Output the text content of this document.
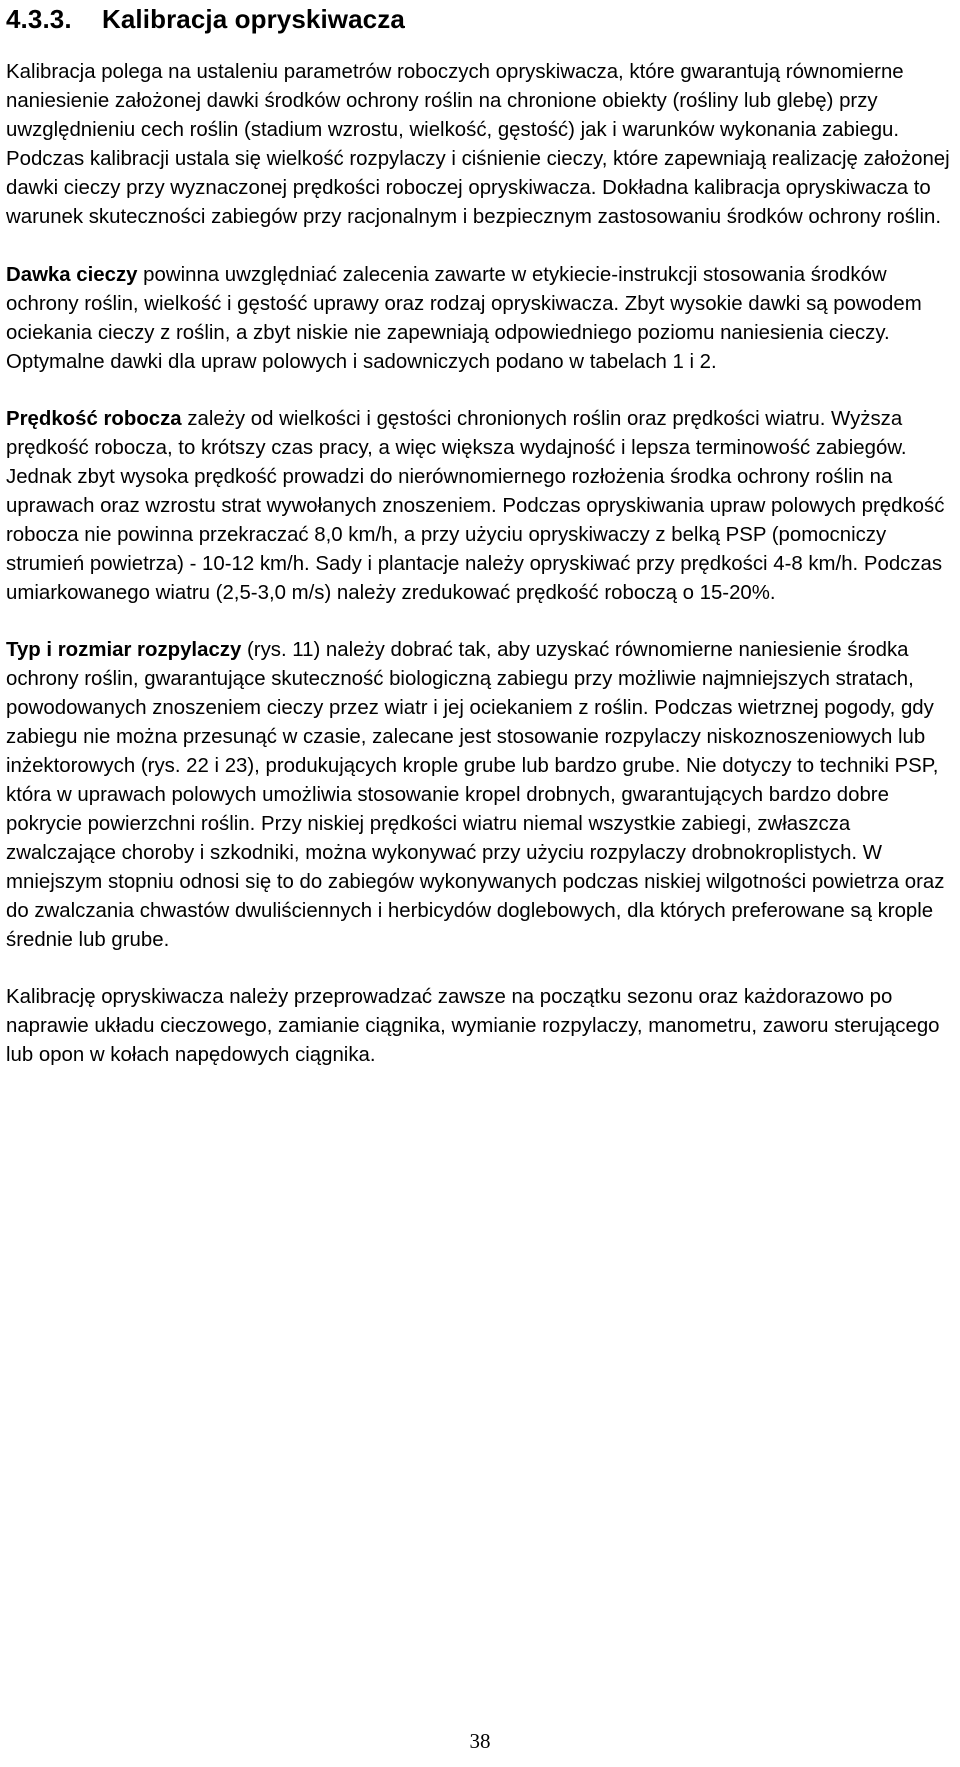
4.3.3. Kalibracja opryskiwacza

Kalibracja polega na ustaleniu parametrów roboczych opryskiwacza, które gwarantują równomierne naniesienie założonej dawki środków ochrony roślin na chronione obiekty (rośliny lub glebę) przy uwzględnieniu cech roślin (stadium wzrostu, wielkość, gęstość) jak i warunków wykonania zabiegu. Podczas kalibracji ustala się wielkość rozpylaczy i ciśnienie cieczy, które zapewniają realizację założonej dawki cieczy przy wyznaczonej prędkości roboczej opryskiwacza. Dokładna kalibracja opryskiwacza to warunek skuteczności zabiegów przy racjonalnym i bezpiecznym zastosowaniu środków ochrony roślin.

Dawka cieczy powinna uwzględniać zalecenia zawarte w etykiecie-instrukcji stosowania środków ochrony roślin, wielkość i gęstość uprawy oraz rodzaj opryskiwacza. Zbyt wysokie dawki są powodem ociekania cieczy z roślin, a zbyt niskie nie zapewniają odpowiedniego poziomu naniesienia cieczy. Optymalne dawki dla upraw polowych i sadowniczych podano w tabelach 1 i 2.

Prędkość robocza zależy od wielkości i gęstości chronionych roślin oraz prędkości wiatru. Wyższa prędkość robocza, to krótszy czas pracy, a więc większa wydajność i lepsza terminowość zabiegów. Jednak zbyt wysoka prędkość prowadzi do nierównomiernego rozłożenia środka ochrony roślin na uprawach oraz wzrostu strat wywołanych znoszeniem. Podczas opryskiwania upraw polowych prędkość robocza nie powinna przekraczać 8,0 km/h, a przy użyciu opryskiwaczy z belką PSP (pomocniczy strumień powietrza) - 10-12 km/h. Sady i plantacje należy opryskiwać przy prędkości 4-8 km/h. Podczas umiarkowanego wiatru (2,5-3,0 m/s) należy zredukować prędkość roboczą o 15-20%.

Typ i rozmiar rozpylaczy (rys. 11) należy dobrać tak, aby uzyskać równomierne naniesienie środka ochrony roślin, gwarantujące skuteczność biologiczną zabiegu przy możliwie najmniejszych stratach, powodowanych znoszeniem cieczy przez wiatr i jej ociekaniem z roślin. Podczas wietrznej pogody, gdy zabiegu nie można przesunąć w czasie, zalecane jest stosowanie rozpylaczy niskoznoszeniowych lub inżektorowych (rys. 22 i 23), produkujących krople grube lub bardzo grube. Nie dotyczy to techniki PSP, która w uprawach polowych umożliwia stosowanie kropel drobnych, gwarantujących bardzo dobre pokrycie powierzchni roślin. Przy niskiej prędkości wiatru niemal wszystkie zabiegi, zwłaszcza zwalczające choroby i szkodniki, można wykonywać przy użyciu rozpylaczy drobnokroplistych. W mniejszym stopniu odnosi się to do zabiegów wykonywanych podczas niskiej wilgotności powietrza oraz do zwalczania chwastów dwuliściennych i herbicydów doglebowych, dla których preferowane są krople średnie lub grube.

Kalibrację opryskiwacza należy przeprowadzać zawsze na początku sezonu oraz każdorazowo po naprawie układu cieczowego, zamianie ciągnika, wymianie rozpylaczy, manometru, zaworu sterującego lub opon w kołach napędowych ciągnika.

38
